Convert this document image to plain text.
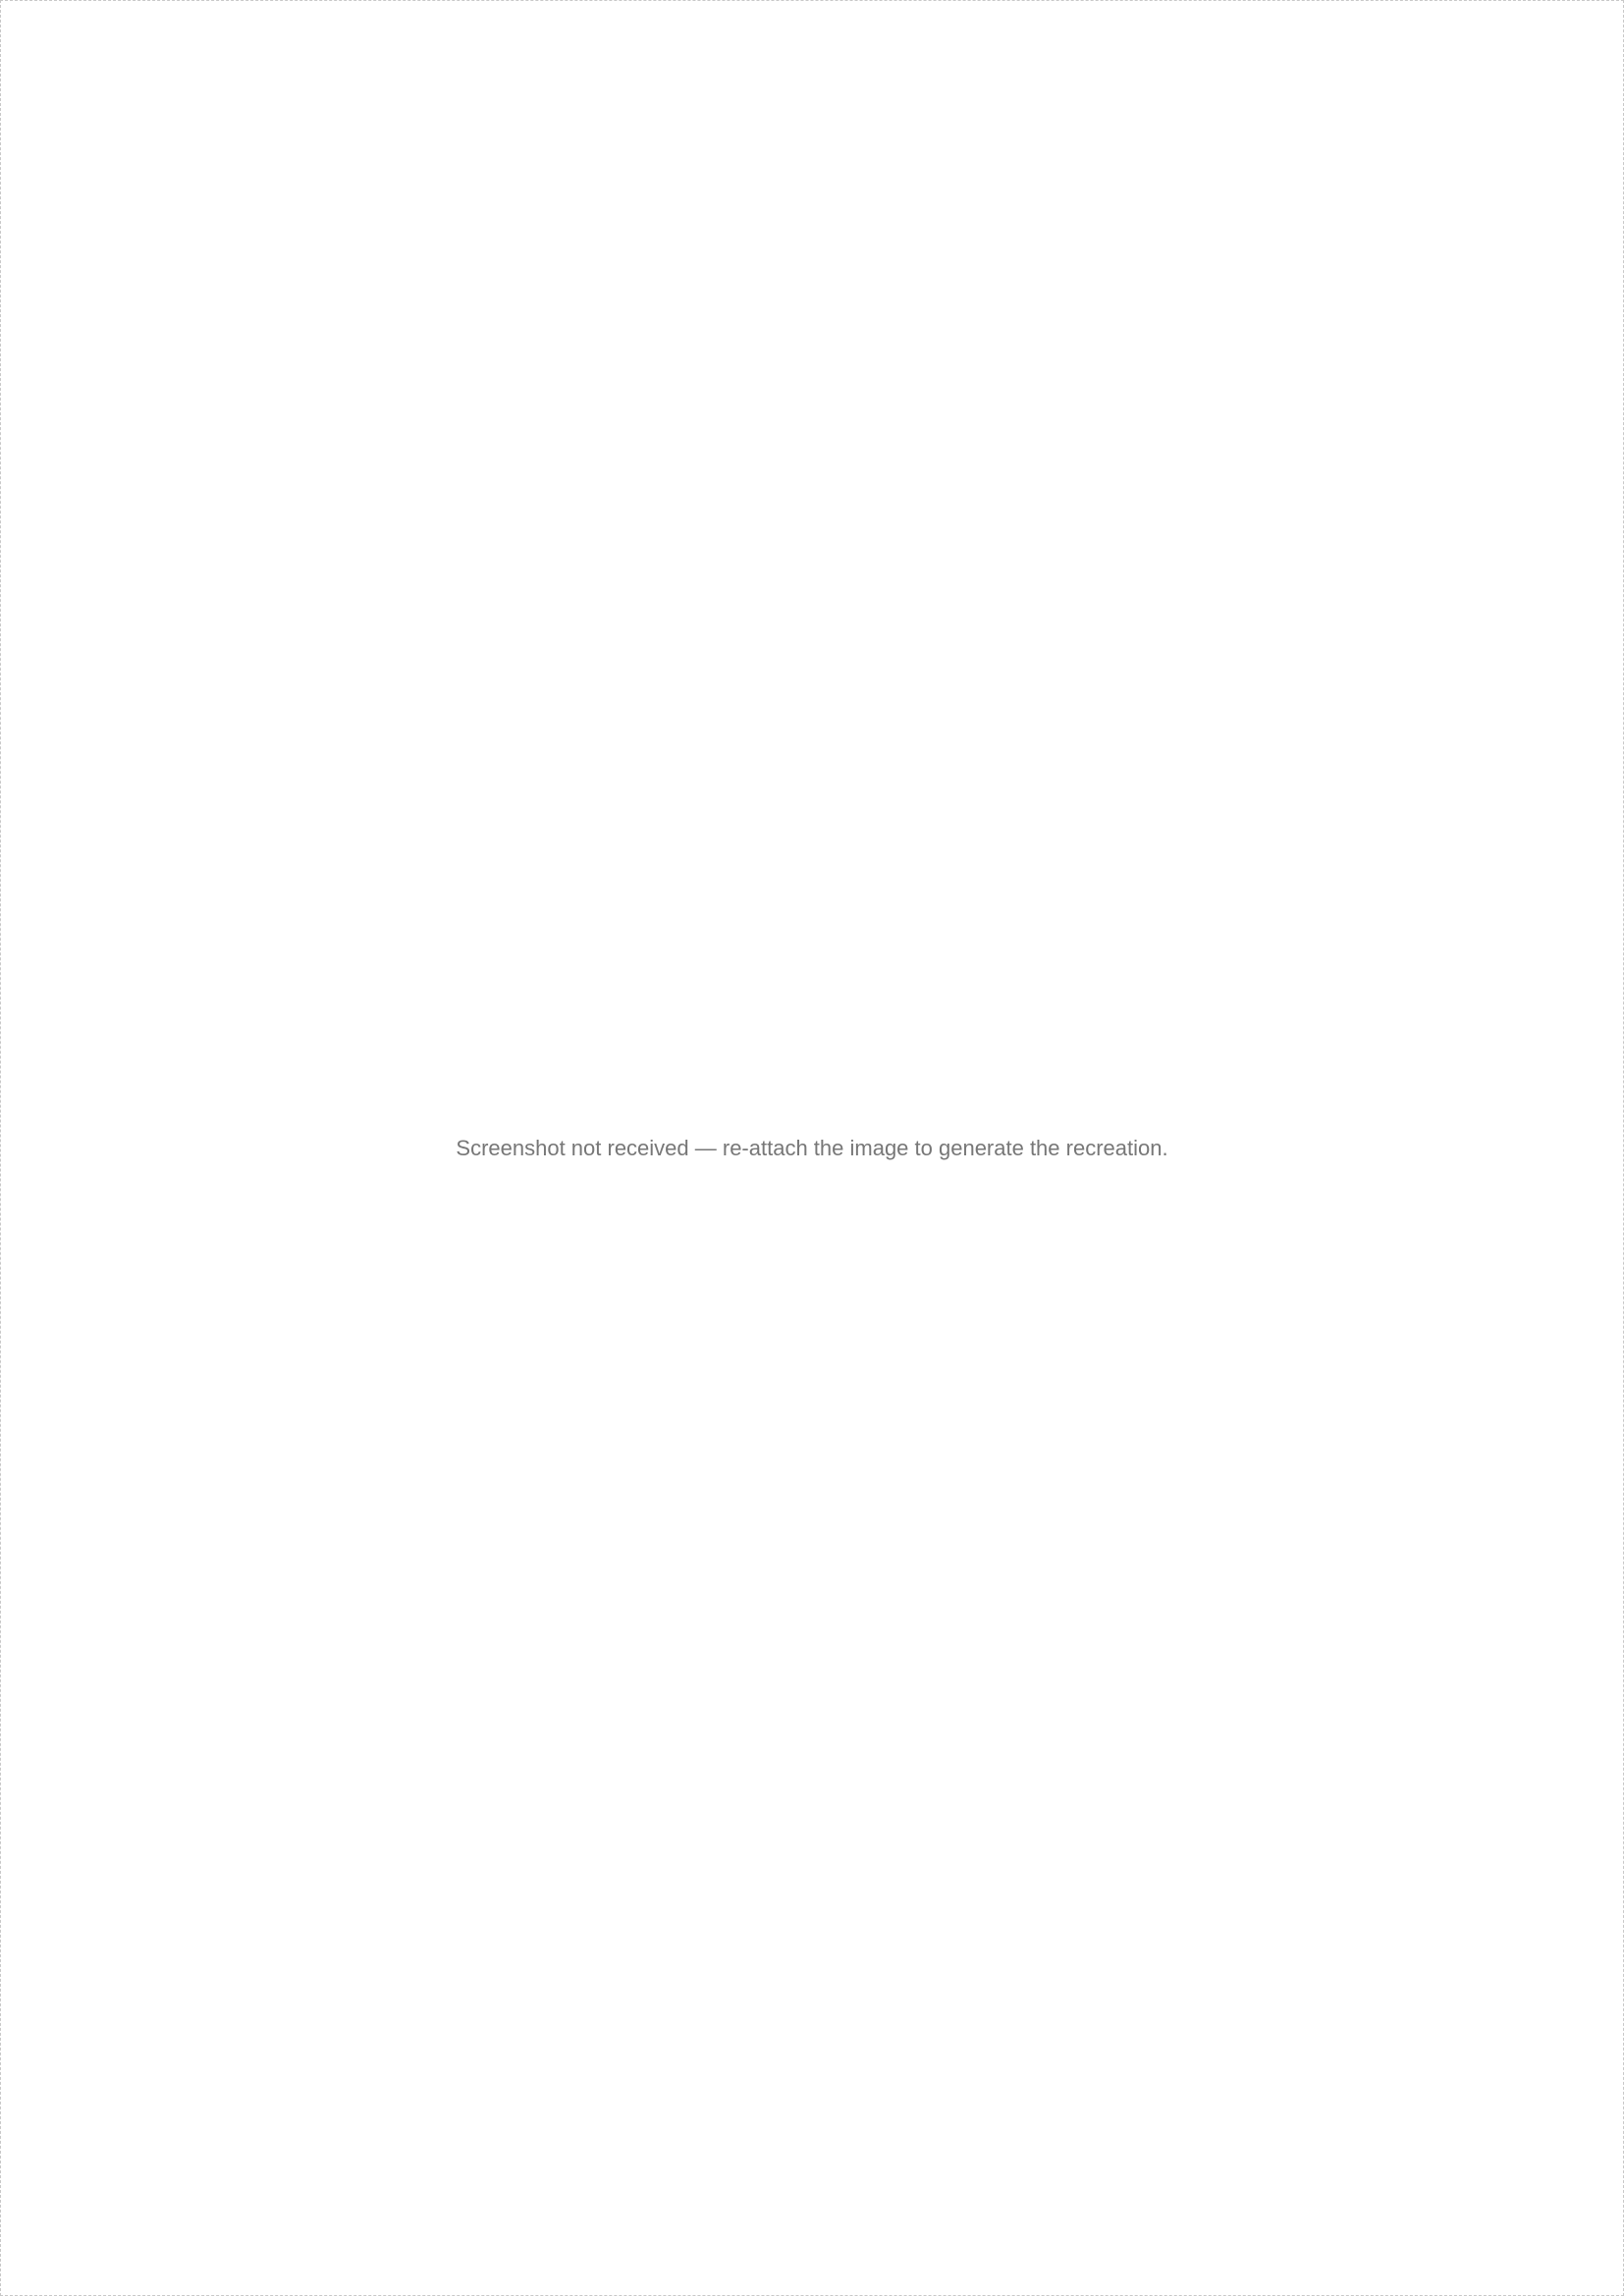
Screenshot not received — re-attach the image to generate the recreation.
